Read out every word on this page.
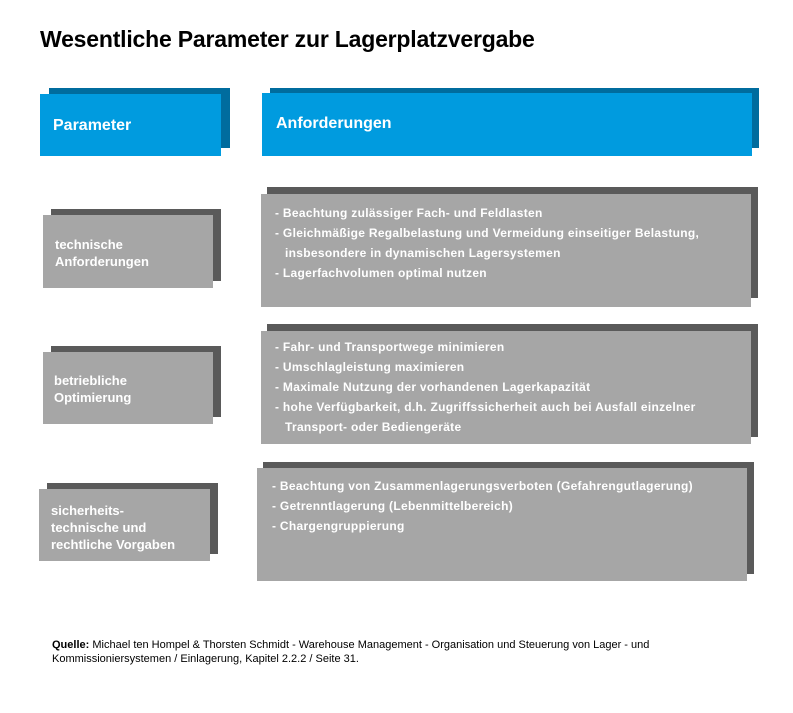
Wesentliche Parameter zur Lagerplatzvergabe
Parameter	Anforderungen
technische
Anforderungen
- Beachtung zulässiger Fach- und Feldlasten
- Gleichmäßige Regalbelastung und Vermeidung einseitiger Belastung,
insbesondere in dynamischen Lagersystemen
- Lagerfachvolumen optimal nutzen
betriebliche
Optimierung
- Fahr- und Transportwege minimieren
- Umschlagleistung maximieren
- Maximale Nutzung der vorhandenen Lagerkapazität
- hohe Verfügbarkeit, d.h. Zugriffssicherheit auch bei Ausfall einzelner
Transport- oder Bediengeräte
sicherheits-
technische und
rechtliche Vorgaben
- Beachtung von Zusammenlagerungsverboten (Gefahrengutlagerung)
- Getrenntlagerung (Lebenmittelbereich)
- Chargengruppierung
Quelle: Michael ten Hompel & Thorsten Schmidt - Warehouse Management - Organisation und Steuerung von Lager - und Kommissioniersystemen / Einlagerung, Kapitel 2.2.2 / Seite 31.
